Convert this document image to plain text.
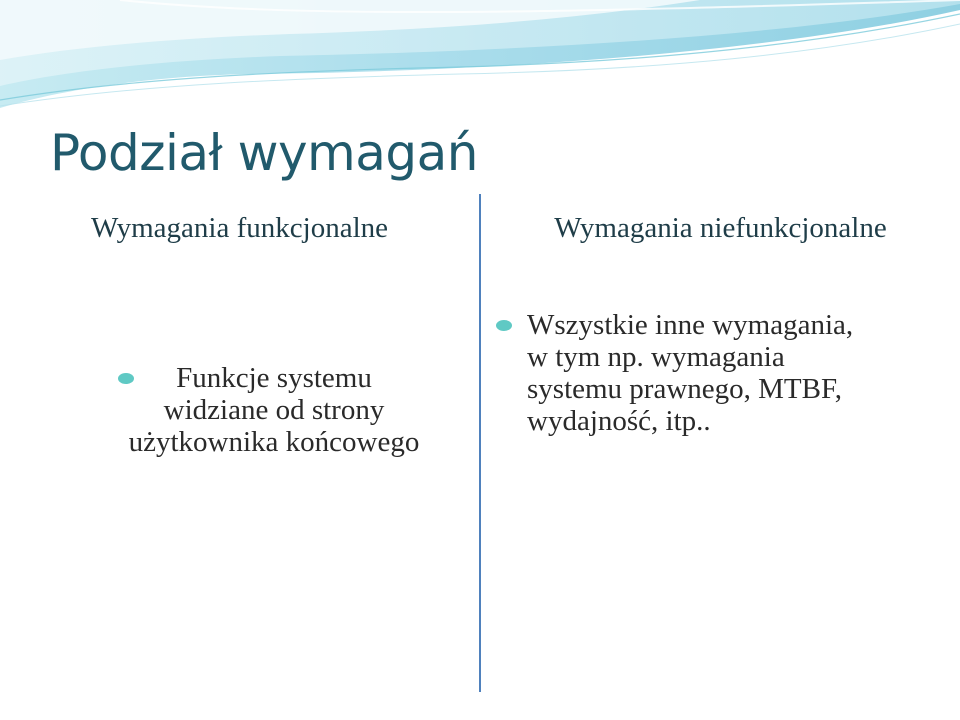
Podział wymagań
Wymagania funkcjonalne	Wymagania niefunkcjonalne
Funkcje systemu
widziane od strony
użytkownika końcowego
Wszystkie inne wymagania,
w tym np. wymagania
systemu prawnego, MTBF,
wydajność, itp..
